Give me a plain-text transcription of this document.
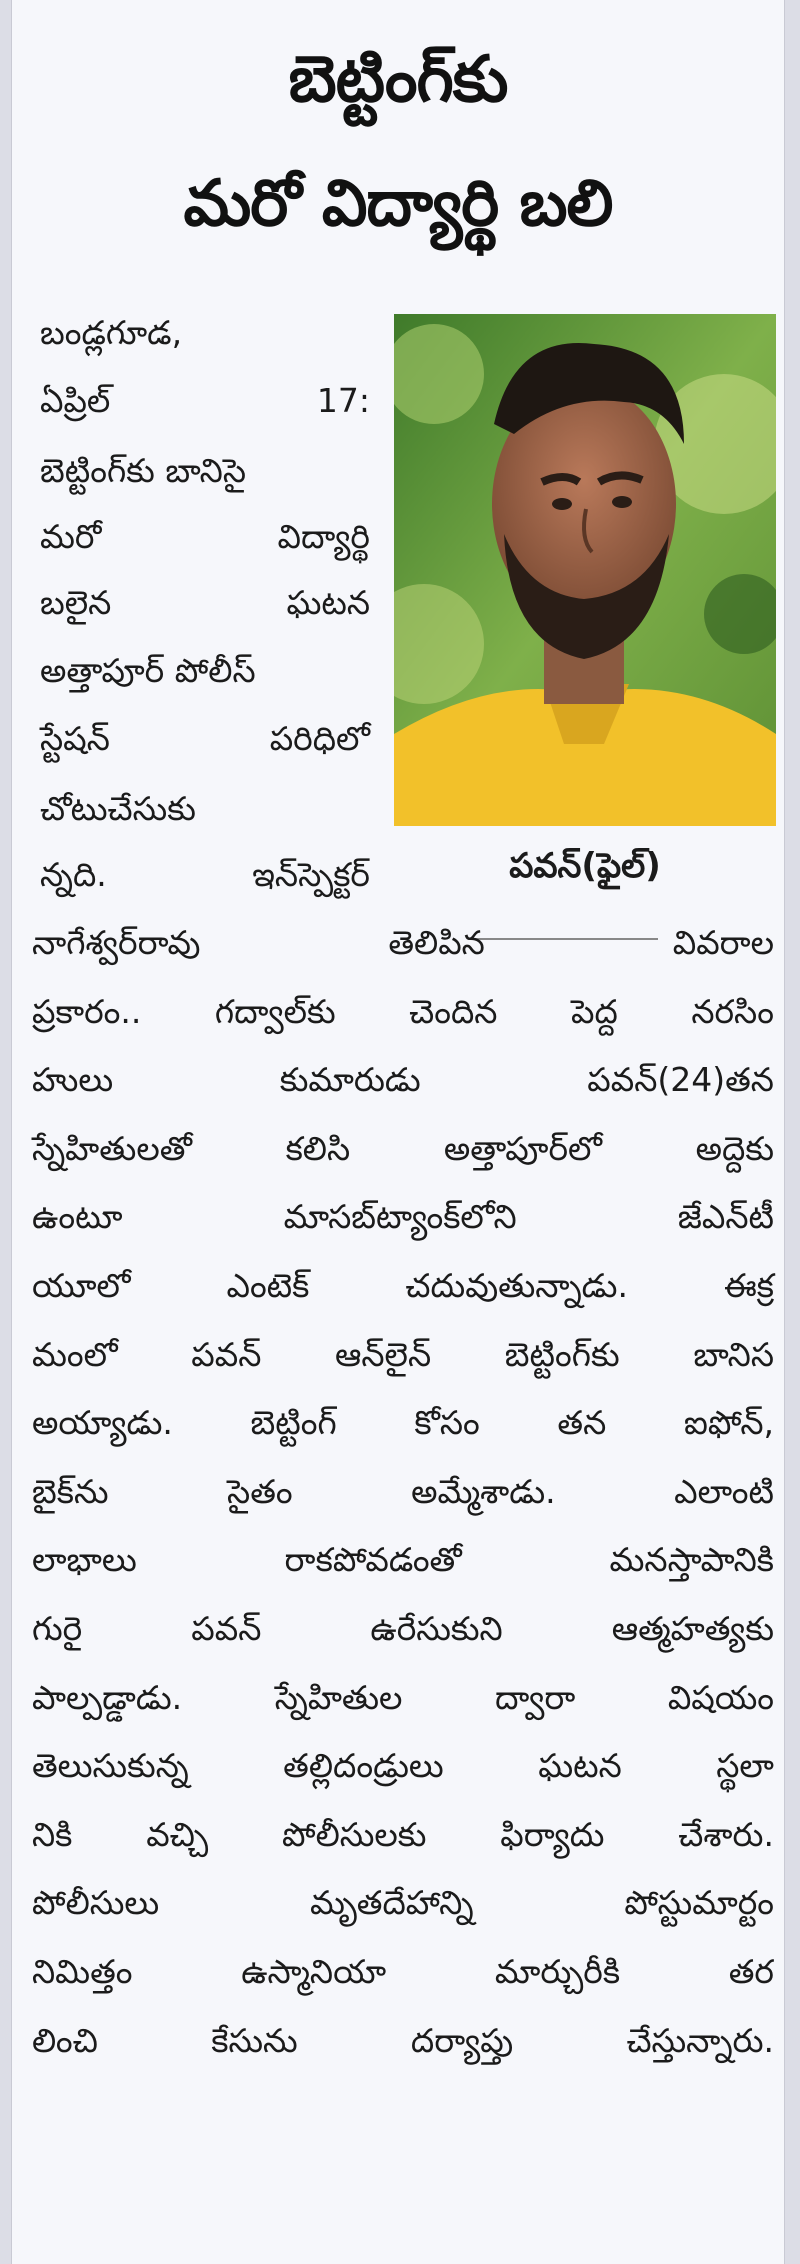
బెట్టింగ్‌కు
మరో విద్యార్థి బలి
పవన్‌(ఫైల్‌)
బండ్లగూడ,
ఏప్రిల్‌	17:
బెట్టింగ్‌కు బానిసై
మరో	విద్యార్థి
బలైన	ఘటన
అత్తాపూర్‌ పోలీస్‌
స్టేషన్‌	పరిధిలో
చోటుచేసుకు
న్నది.	ఇన్‌స్పెక్టర్‌
నాగేశ్వర్‌రావు	తెలిపిన	వివరాల
ప్రకారం.. గద్వాల్‌కు చెందిన పెద్ద నరసిం
హులు	కుమారుడు	పవన్‌(24)తన
స్నేహితులతో	కలిసి	అత్తాపూర్‌లో	అద్దెకు
ఉంటూ	మాసబ్‌ట్యాంక్‌లోని	జేఎన్‌టీ
యూలో	ఎంటెక్‌	చదువుతున్నాడు.	ఈక్ర
మంలో పవన్‌ ఆన్‌లైన్‌ బెట్టింగ్‌కు బానిస
అయ్యాడు. బెట్టింగ్‌ కోసం తన ఐఫోన్‌,
బైక్‌ను	సైతం	అమ్మేశాడు.	ఎలాంటి
లాభాలు	రాకపోవడంతో	మనస్తాపానికి
గురై	పవన్‌	ఉరేసుకుని	ఆత్మహత్యకు
పాల్పడ్డాడు.	స్నేహితుల	ద్వారా	విషయం
తెలుసుకున్న	తల్లిదండ్రులు	ఘటన	స్థలా
నికి వచ్చి పోలీసులకు ఫిర్యాదు చేశారు.
పోలీసులు	మృతదేహాన్ని	పోస్టుమార్టం
నిమిత్తం	ఉస్మానియా	మార్చురీకి	తర
లించి	కేసును	దర్యాప్తు	చేస్తున్నారు.
